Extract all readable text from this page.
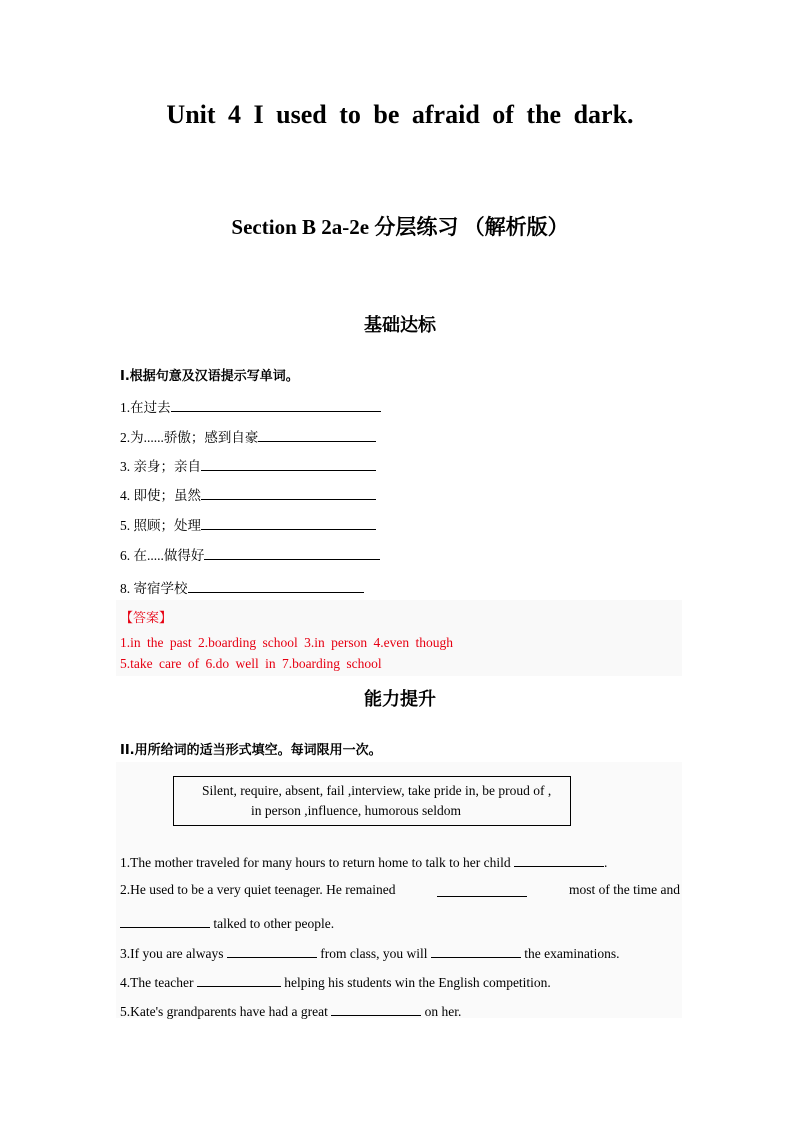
Unit 4 I used to be afraid of the dark.
Section B 2a-2e 分层练习 （解析版）
基础达标
Ⅰ.根据句意及汉语提示写单词。
1.在过去
2.为......骄傲；感到自豪
3. 亲身；亲自
4. 即使；虽然
5. 照顾；处理
6. 在.....做得好
8. 寄宿学校
【答案】
1.in the past 2.boarding school 3.in person 4.even though
5.take care of 6.do well in 7.boarding school
能力提升
II.用所给词的适当形式填空。每词限用一次。
Silent, require, absent, fail ,interview, take pride in, be proud of ,
in person ,influence, humorous seldom
1.The mother traveled for many hours to return home to talk to her child	.
2.He used to be a very quiet teenager. He remained	most of the time and
talked to other people.
3.If you are always	from class, you will	the examinations.
4.The teacher	helping his students win the English competition.
5.Kate's grandparents have had a great	on her.
